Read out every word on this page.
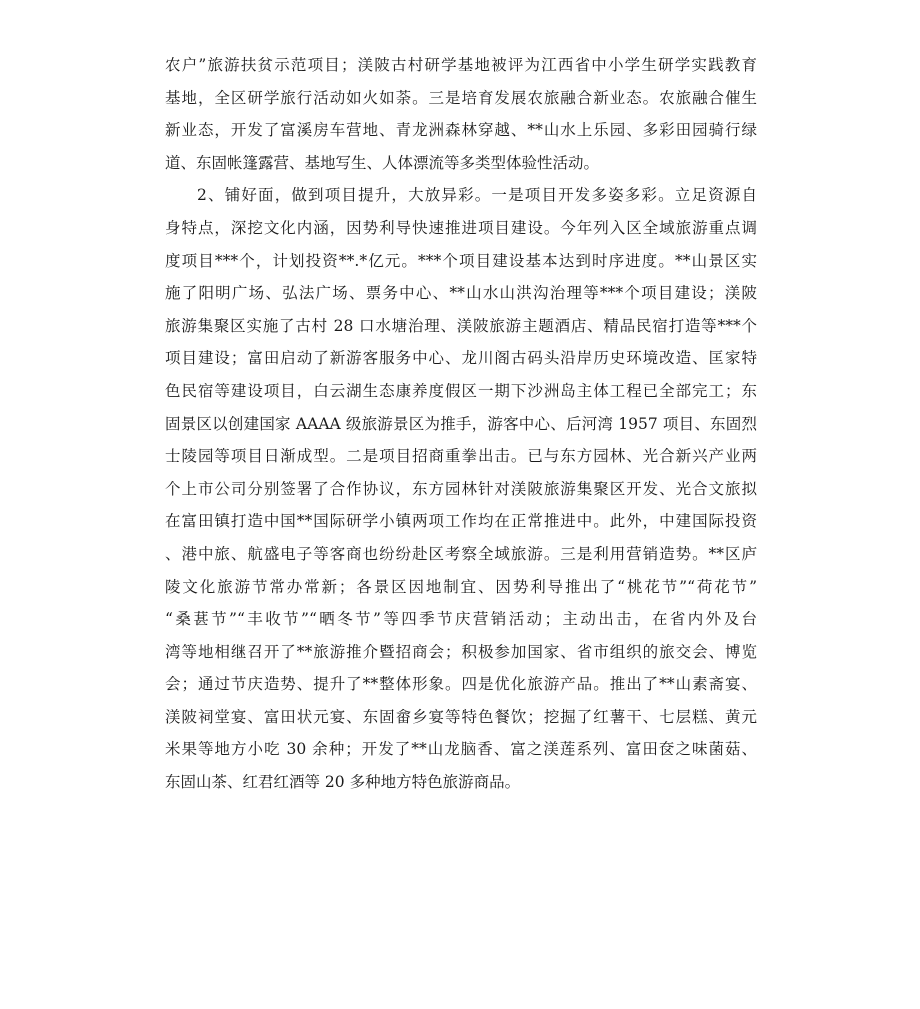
农户”旅游扶贫示范项目；渼陂古村研学基地被评为江西省中小学生研学实践教育
基地，全区研学旅行活动如火如荼。三是培育发展农旅融合新业态。农旅融合催生
新业态，开发了富溪房车营地、青龙洲森林穿越、**山水上乐园、多彩田园骑行绿
道、东固帐篷露营、基地写生、人体漂流等多类型体验性活动。
2、铺好面，做到项目提升，大放异彩。一是项目开发多姿多彩。立足资源自
身特点，深挖文化内涵，因势利导快速推进项目建设。今年列入区全域旅游重点调
度项目***个，计划投资**.*亿元。***个项目建设基本达到时序进度。**山景区实
施了阳明广场、弘法广场、票务中心、**山水山洪沟治理等***个项目建设；渼陂
旅游集聚区实施了古村 28 口水塘治理、渼陂旅游主题酒店、精品民宿打造等***个
项目建设；富田启动了新游客服务中心、龙川阁古码头沿岸历史环境改造、匡家特
色民宿等建设项目，白云湖生态康养度假区一期下沙洲岛主体工程已全部完工；东
固景区以创建国家 AAAA 级旅游景区为推手，游客中心、后河湾 1957 项目、东固烈
士陵园等项目日渐成型。二是项目招商重拳出击。已与东方园林、光合新兴产业两
个上市公司分别签署了合作协议，东方园林针对渼陂旅游集聚区开发、光合文旅拟
在富田镇打造中国**国际研学小镇两项工作均在正常推进中。此外，中建国际投资
、港中旅、航盛电子等客商也纷纷赴区考察全域旅游。三是利用营销造势。**区庐
陵文化旅游节常办常新；各景区因地制宜、因势利导推出了“桃花节”“荷花节”
“桑葚节”“丰收节”“晒冬节”等四季节庆营销活动；主动出击，在省内外及台
湾等地相继召开了**旅游推介暨招商会；积极参加国家、省市组织的旅交会、博览
会；通过节庆造势、提升了**整体形象。四是优化旅游产品。推出了**山素斋宴、
渼陂祠堂宴、富田状元宴、东固畲乡宴等特色餐饮；挖掘了红薯干、七层糕、黄元
米果等地方小吃 30 余种；开发了**山龙脑香、富之渼莲系列、富田奁之味菌菇、
东固山茶、红君红酒等 20 多种地方特色旅游商品。
